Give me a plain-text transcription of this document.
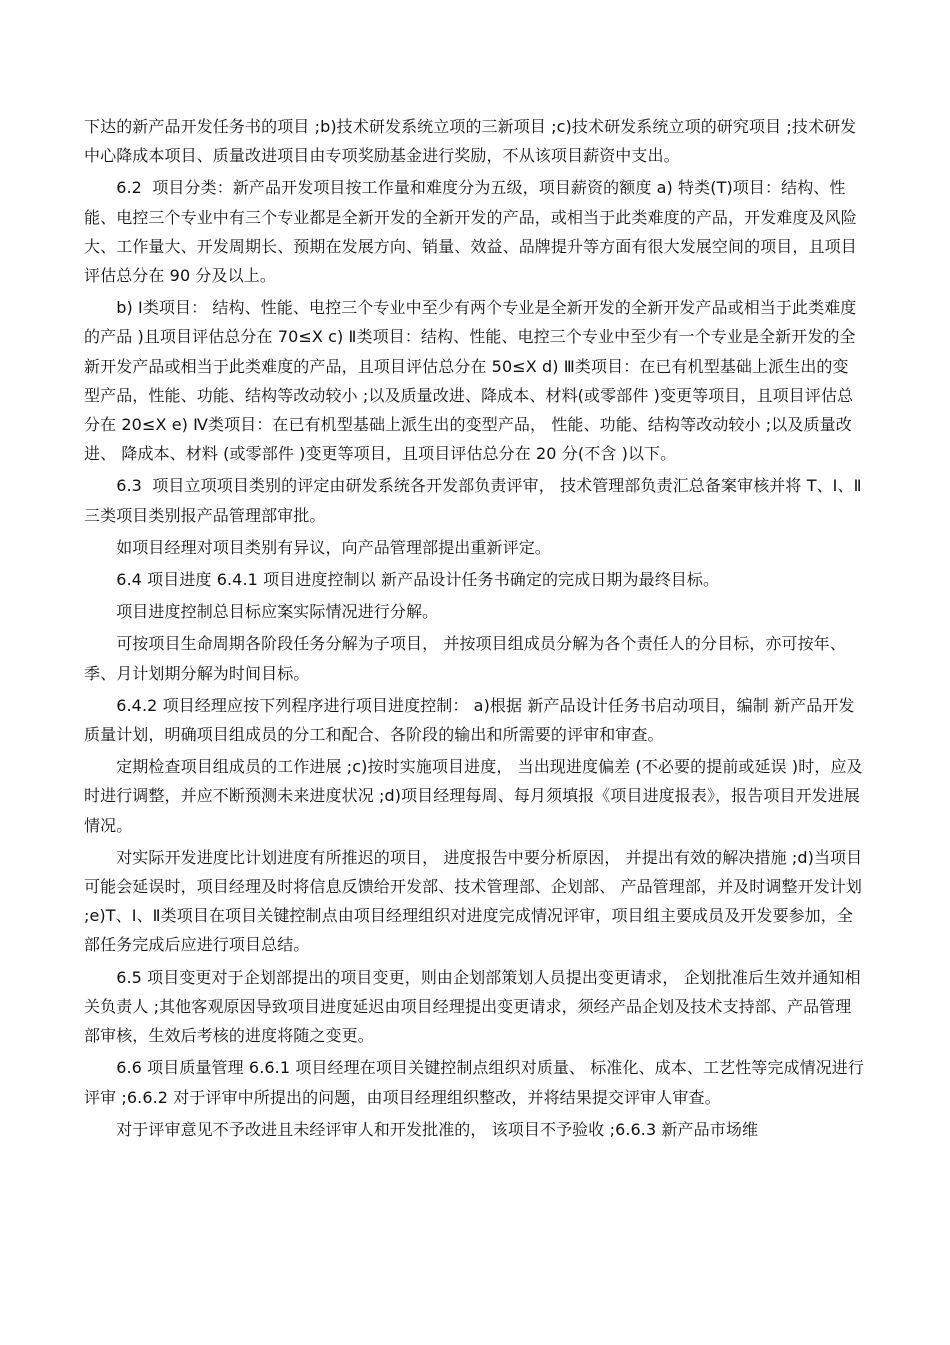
下达的新产品开发任务书的项目 ;b)技术研发系统立项的三新项目 ;c)技术研发系统立项的研究项目 ;技术研发中心降成本项目、质量改进项目由专项奖励基金进行奖励，不从该项目薪资中支出。

　　6.2  项目分类：新产品开发项目按工作量和难度分为五级，项目薪资的额度 a) 特类(T)项目：结构、性能、电控三个专业中有三个专业都是全新开发的全新开发的产品，或相当于此类难度的产品，开发难度及风险大、工作量大、开发周期长、预期在发展方向、销量、效益、品牌提升等方面有很大发展空间的项目，且项目评估总分在 90 分及以上。

　　b) Ⅰ类项目： 结构、性能、电控三个专业中至少有两个专业是全新开发的全新开发产品或相当于此类难度的产品 )且项目评估总分在 70≤X c) Ⅱ类项目：结构、性能、电控三个专业中至少有一个专业是全新开发的全新开发产品或相当于此类难度的产品，且项目评估总分在 50≤X d) Ⅲ类项目：在已有机型基础上派生出的变型产品，性能、功能、结构等改动较小 ;以及质量改进、降成本、材料(或零部件 )变更等项目，且项目评估总分在 20≤X e) Ⅳ类项目：在已有机型基础上派生出的变型产品， 性能、功能、结构等改动较小 ;以及质量改进、 降成本、材料 (或零部件 )变更等项目，且项目评估总分在 20 分(不含 )以下。

　　6.3  项目立项项目类别的评定由研发系统各开发部负责评审， 技术管理部负责汇总备案审核并将 T、Ⅰ、Ⅱ三类项目类别报产品管理部审批。

　　如项目经理对项目类别有异议，向产品管理部提出重新评定。

　　6.4 项目进度 6.4.1 项目进度控制以 新产品设计任务书确定的完成日期为最终目标。

　　项目进度控制总目标应案实际情况进行分解。

　　可按项目生命周期各阶段任务分解为子项目， 并按项目组成员分解为各个责任人的分目标，亦可按年、季、月计划期分解为时间目标。

　　6.4.2 项目经理应按下列程序进行项目进度控制： a)根据 新产品设计任务书启动项目，编制 新产品开发质量计划，明确项目组成员的分工和配合、各阶段的输出和所需要的评审和审查。

　　定期检查项目组成员的工作进展 ;c)按时实施项目进度， 当出现进度偏差 (不必要的提前或延误 )时，应及时进行调整，并应不断预测未来进度状况 ;d)项目经理每周、每月须填报《项目进度报表》，报告项目开发进展情况。

　　对实际开发进度比计划进度有所推迟的项目， 进度报告中要分析原因， 并提出有效的解决措施 ;d)当项目可能会延误时，项目经理及时将信息反馈给开发部、技术管理部、企划部、 产品管理部，并及时调整开发计划 ;e)T、Ⅰ、Ⅱ类项目在项目关键控制点由项目经理组织对进度完成情况评审，项目组主要成员及开发要参加，全部任务完成后应进行项目总结。

　　6.5 项目变更对于企划部提出的项目变更，则由企划部策划人员提出变更请求， 企划批准后生效并通知相关负责人 ;其他客观原因导致项目进度延迟由项目经理提出变更请求，须经产品企划及技术支持部、产品管理部审核，生效后考核的进度将随之变更。

　　6.6 项目质量管理 6.6.1 项目经理在项目关键控制点组织对质量、 标准化、成本、工艺性等完成情况进行评审 ;6.6.2 对于评审中所提出的问题，由项目经理组织整改，并将结果提交评审人审查。

　　对于评审意见不予改进且未经评审人和开发批准的， 该项目不予验收 ;6.6.3 新产品市场维
